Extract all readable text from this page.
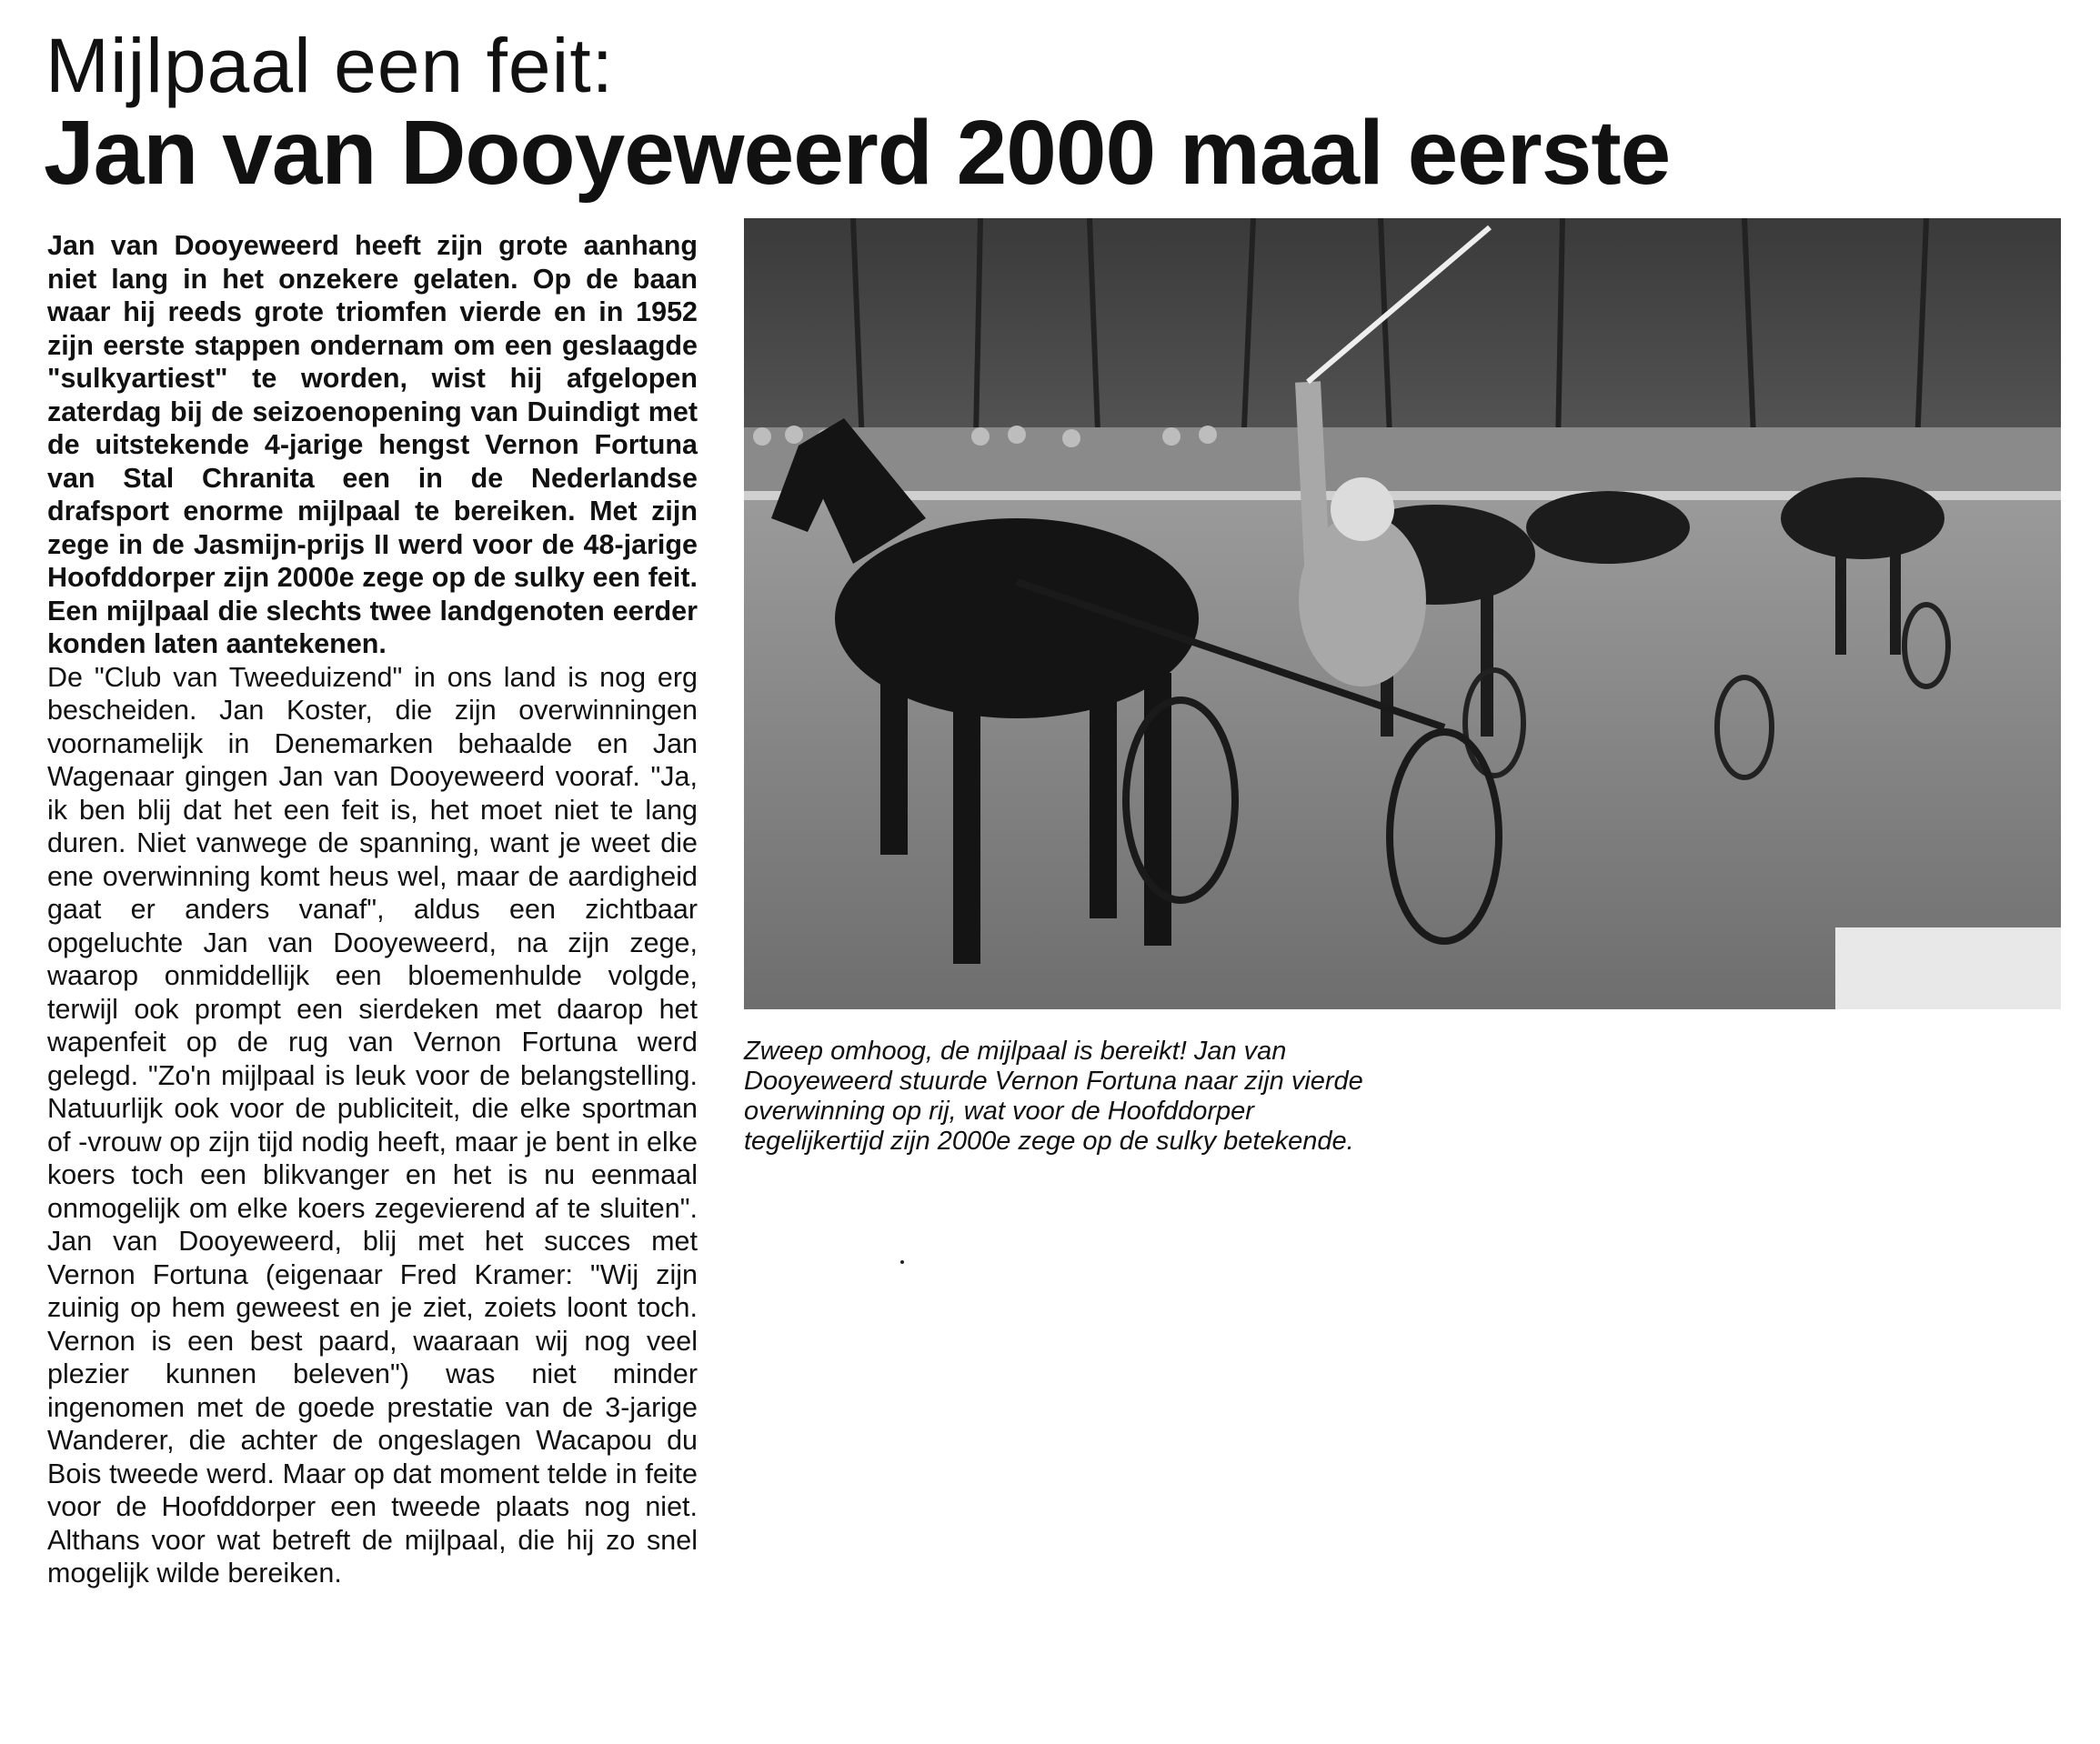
Mijlpaal een feit:
Jan van Dooyeweerd 2000 maal eerste

Jan van Dooyeweerd heeft zijn grote aanhang niet lang in het onzekere gelaten. Op de baan waar hij reeds grote triomfen vierde en in 1952 zijn eerste stappen ondernam om een geslaagde "sulkyartiest" te worden, wist hij afgelopen zaterdag bij de seizoenopening van Duindigt met de uitstekende 4-jarige hengst Vernon Fortuna van Stal Chranita een in de Nederlandse drafsport enorme mijlpaal te bereiken. Met zijn zege in de Jasmijn-prijs II werd voor de 48-jarige Hoofddorper zijn 2000e zege op de sulky een feit. Een mijlpaal die slechts twee landgenoten eerder konden laten aantekenen.

De "Club van Tweeduizend" in ons land is nog erg bescheiden. Jan Koster, die zijn overwinningen voornamelijk in Denemarken behaalde en Jan Wagenaar gingen Jan van Dooyeweerd vooraf. "Ja, ik ben blij dat het een feit is, het moet niet te lang duren. Niet vanwege de spanning, want je weet die ene overwinning komt heus wel, maar de aardigheid gaat er anders vanaf", aldus een zichtbaar opgeluchte Jan van Dooyeweerd, na zijn zege, waarop onmiddellijk een bloemenhulde volgde, terwijl ook prompt een sierdeken met daarop het wapenfeit op de rug van Vernon Fortuna werd gelegd. "Zo'n mijlpaal is leuk voor de belangstelling. Natuurlijk ook voor de publiciteit, die elke sportman of -vrouw op zijn tijd nodig heeft, maar je bent in elke koers toch een blikvanger en het is nu eenmaal onmogelijk om elke koers zegevierend af te sluiten". Jan van Dooyeweerd, blij met het succes met Vernon Fortuna (eigenaar Fred Kramer: "Wij zijn zuinig op hem geweest en je ziet, zoiets loont toch. Vernon is een best paard, waaraan wij nog veel plezier kunnen beleven") was niet minder ingenomen met de goede prestatie van de 3-jarige Wanderer, die achter de ongeslagen Wacapou du Bois tweede werd. Maar op dat moment telde in feite voor de Hoofddorper een tweede plaats nog niet. Althans voor wat betreft de mijlpaal, die hij zo snel mogelijk wilde bereiken.

Zweep omhoog, de mijlpaal is bereikt! Jan van Dooyeweerd stuurde Vernon Fortuna naar zijn vierde overwinning op rij, wat voor de Hoofddorper tegelijkertijd zijn 2000e zege op de sulky betekende.
